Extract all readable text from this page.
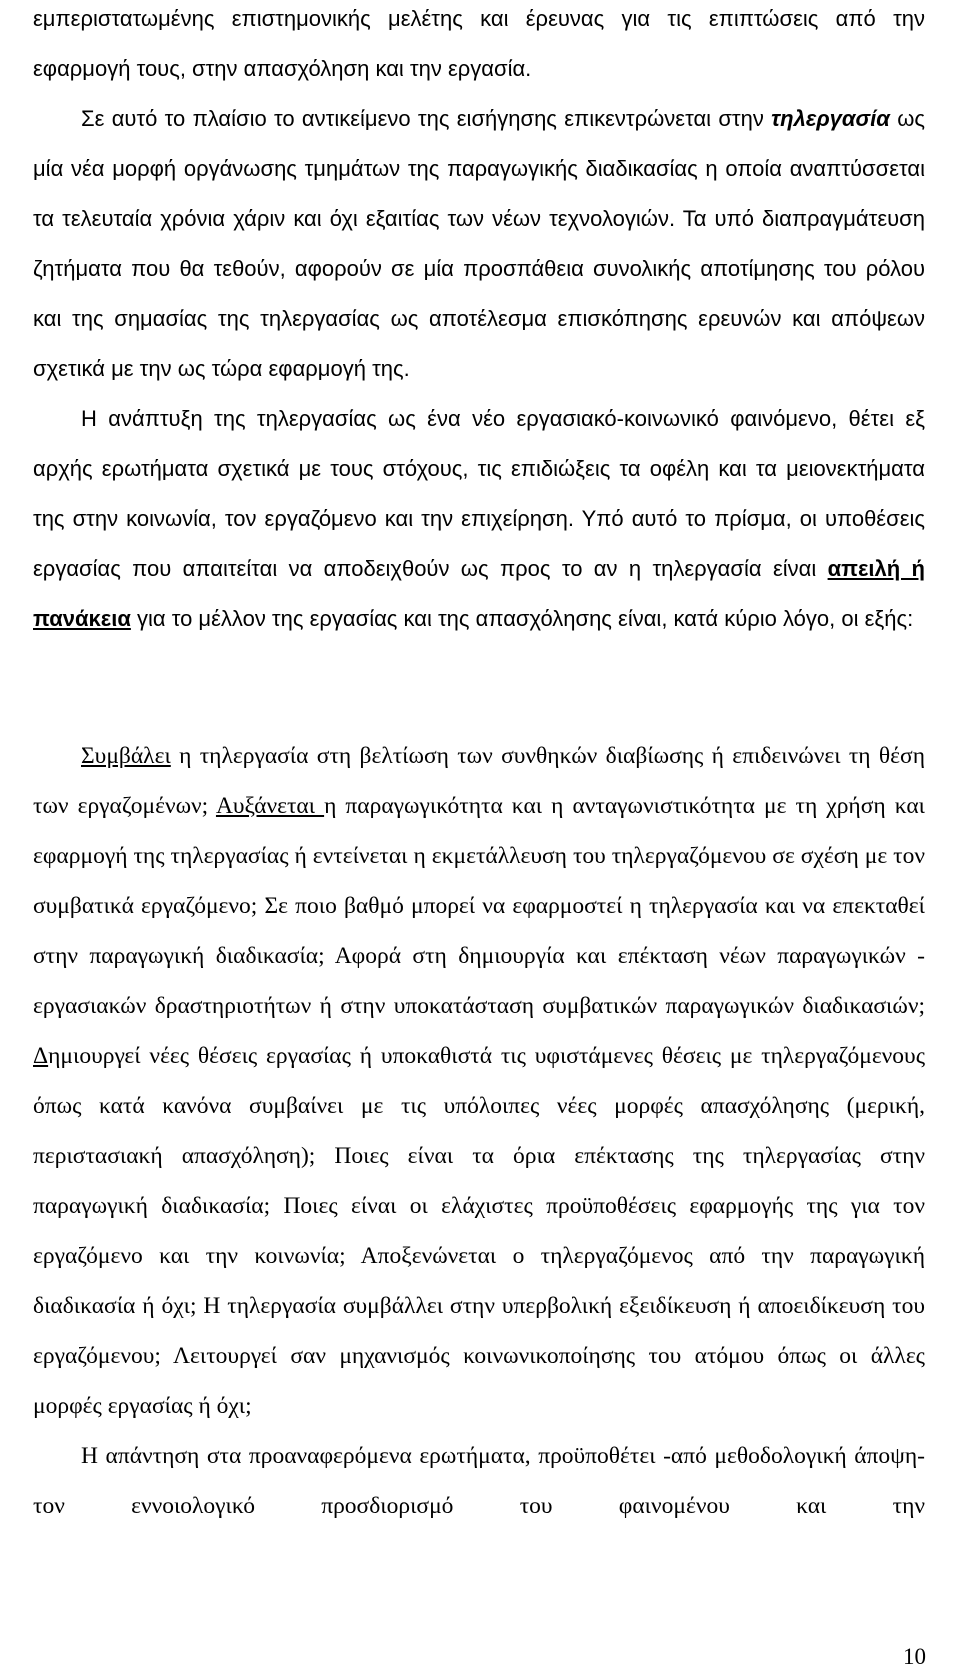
εμπεριστατωμένης επιστημονικής μελέτης και έρευνας για τις επιπτώσεις από την εφαρμογή τους, στην απασχόληση και την εργασία.

Σε αυτό το πλαίσιο το αντικείμενο της εισήγησης επικεντρώνεται στην τηλεργασία ως μία νέα μορφή οργάνωσης τμημάτων της παραγωγικής διαδικασίας η οποία αναπτύσσεται τα τελευταία χρόνια χάριν και όχι εξαιτίας των νέων τεχνολογιών. Τα υπό διαπραγμάτευση ζητήματα που θα τεθούν, αφορούν σε μία προσπάθεια συνολικής αποτίμησης του ρόλου και της σημασίας της τηλεργασίας ως αποτέλεσμα επισκόπησης ερευνών και απόψεων σχετικά με την ως τώρα εφαρμογή της.

Η ανάπτυξη της τηλεργασίας ως ένα νέο εργασιακό-κοινωνικό φαινόμενο, θέτει εξ αρχής ερωτήματα σχετικά με τους στόχους, τις επιδιώξεις τα οφέλη και τα μειονεκτήματα της στην κοινωνία, τον εργαζόμενο και την επιχείρηση. Υπό αυτό το πρίσμα, οι υποθέσεις εργασίας που απαιτείται να αποδειχθούν ως προς το αν η τηλεργασία είναι απειλή ή πανάκεια για το μέλλον της εργασίας και της απασχόλησης είναι, κατά κύριο λόγο, οι εξής:

Συμβάλει η τηλεργασία στη βελτίωση των συνθηκών διαβίωσης ή επιδεινώνει τη θέση των εργαζομένων; Αυξάνεται η παραγωγικότητα και η ανταγωνιστικότητα με τη χρήση και εφαρμογή της τηλεργασίας ή εντείνεται η εκμετάλλευση του τηλεργαζόμενου σε σχέση με τον συμβατικά εργαζόμενο; Σε ποιο βαθμό μπορεί να εφαρμοστεί η τηλεργασία και να επεκταθεί στην παραγωγική διαδικασία; Αφορά στη δημιουργία και επέκταση νέων παραγωγικών - εργασιακών δραστηριοτήτων ή στην υποκατάσταση συμβατικών παραγωγικών διαδικασιών; Δημιουργεί νέες θέσεις εργασίας ή υποκαθιστά τις υφιστάμενες θέσεις με τηλεργαζόμενους όπως κατά κανόνα συμβαίνει με τις υπόλοιπες νέες μορφές απασχόλησης (μερική, περιστασιακή απασχόληση); Ποιες είναι τα όρια επέκτασης της τηλεργασίας στην παραγωγική διαδικασία; Ποιες είναι οι ελάχιστες προϋποθέσεις εφαρμογής της για τον εργαζόμενο και την κοινωνία; Αποξενώνεται ο τηλεργαζόμενος από την παραγωγική διαδικασία ή όχι; Η τηλεργασία συμβάλλει στην υπερβολική εξειδίκευση ή αποειδίκευση του εργαζόμενου; Λειτουργεί σαν μηχανισμός κοινωνικοποίησης του ατόμου όπως οι άλλες μορφές εργασίας ή όχι;

Η απάντηση στα προαναφερόμενα ερωτήματα, προϋποθέτει -από μεθοδολογική άποψη- τον εννοιολογικό προσδιορισμό του φαινομένου και την

10
